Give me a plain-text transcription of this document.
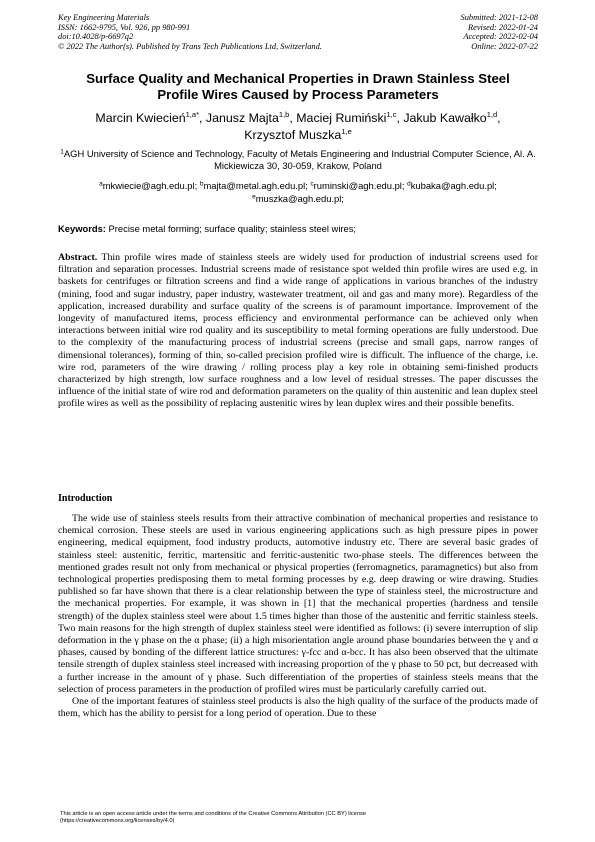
Key Engineering Materials
ISSN: 1662-9795, Vol. 926, pp 980-991
doi:10.4028/p-6697q2
© 2022 The Author(s). Published by Trans Tech Publications Ltd, Switzerland.
Submitted: 2021-12-08
Revised: 2022-01-24
Accepted: 2022-02-04
Online: 2022-07-22
Surface Quality and Mechanical Properties in Drawn Stainless Steel
Profile Wires Caused by Process Parameters
Marcin Kwiecień$^{1,a*}$, Janusz Majta$^{1,b}$, Maciej Rumiński$^{1,c}$, Jakub Kawałko$^{1,d}$,
Krzysztof Muszka$^{1,e}$
$^1$AGH University of Science and Technology, Faculty of Metals Engineering and Industrial Computer Science, Al. A. Mickiewicza 30, 30-059, Krakow, Poland
$^a$mkwiecie@agh.edu.pl; $^b$majta@metal.agh.edu.pl; $^c$ruminski@agh.edu.pl; $^d$kubaka@agh.edu.pl;
$^e$muszka@agh.edu.pl;
Keywords: Precise metal forming; surface quality; stainless steel wires;
Abstract. Thin profile wires made of stainless steels are widely used for production of industrial screens used for filtration and separation processes. Industrial screens made of resistance spot welded thin profile wires are used e.g. in baskets for centrifuges or filtration screens and find a wide range of applications in various branches of the industry (mining, food and sugar industry, paper industry, wastewater treatment, oil and gas and many more). Regardless of the application, increased durability and surface quality of the screens is of paramount importance. Improvement of the longevity of manufactured items, process efficiency and environmental performance can be achieved only when interactions between initial wire rod quality and its susceptibility to metal forming operations are fully understood. Due to the complexity of the manufacturing process of industrial screens (precise and small gaps, narrow ranges of dimensional tolerances), forming of thin, so-called precision profiled wire is difficult. The influence of the charge, i.e. wire rod, parameters of the wire drawing / rolling process play a key role in obtaining semi-finished products characterized by high strength, low surface roughness and a low level of residual stresses. The paper discusses the influence of the initial state of wire rod and deformation parameters on the quality of thin austenitic and lean duplex steel profile wires as well as the possibility of replacing austenitic wires by lean duplex wires and their possible benefits.
Introduction

The wide use of stainless steels results from their attractive combination of mechanical properties and resistance to chemical corrosion. These steels are used in various engineering applications such as high pressure pipes in power engineering, medical equipment, food industry products, automotive industry etc. There are several basic grades of stainless steel: austenitic, ferritic, martensitic and ferritic-austenitic two-phase steels. The differences between the mentioned grades result not only from mechanical or physical properties (ferromagnetics, paramagnetics) but also from technological properties predisposing them to metal forming processes by e.g. deep drawing or wire drawing. Studies published so far have shown that there is a clear relationship between the type of stainless steel, the microstructure and the mechanical properties. For example, it was shown in [1] that the mechanical properties (hardness and tensile strength) of the duplex stainless steel were about 1.5 times higher than those of the austenitic and ferritic stainless steels. Two main reasons for the high strength of duplex stainless steel were identified as follows: (i) severe interruption of slip deformation in the γ phase on the α phase; (ii) a high misorientation angle around phase boundaries between the γ and α phases, caused by bonding of the different lattice structures: γ-fcc and α-bcc. It has also been observed that the ultimate tensile strength of duplex stainless steel increased with increasing proportion of the γ phase to 50 pct, but decreased with a further increase in the amount of γ phase. Such differentiation of the properties of stainless steels means that the selection of process parameters in the production of profiled wires must be particularly carefully carried out.

One of the important features of stainless steel products is also the high quality of the surface of the products made of them, which has the ability to persist for a long period of operation. Due to these

This article is an open access article under the terms and conditions of the Creative Commons Attribution (CC BY) license
(https://creativecommons.org/licenses/by/4.0)
